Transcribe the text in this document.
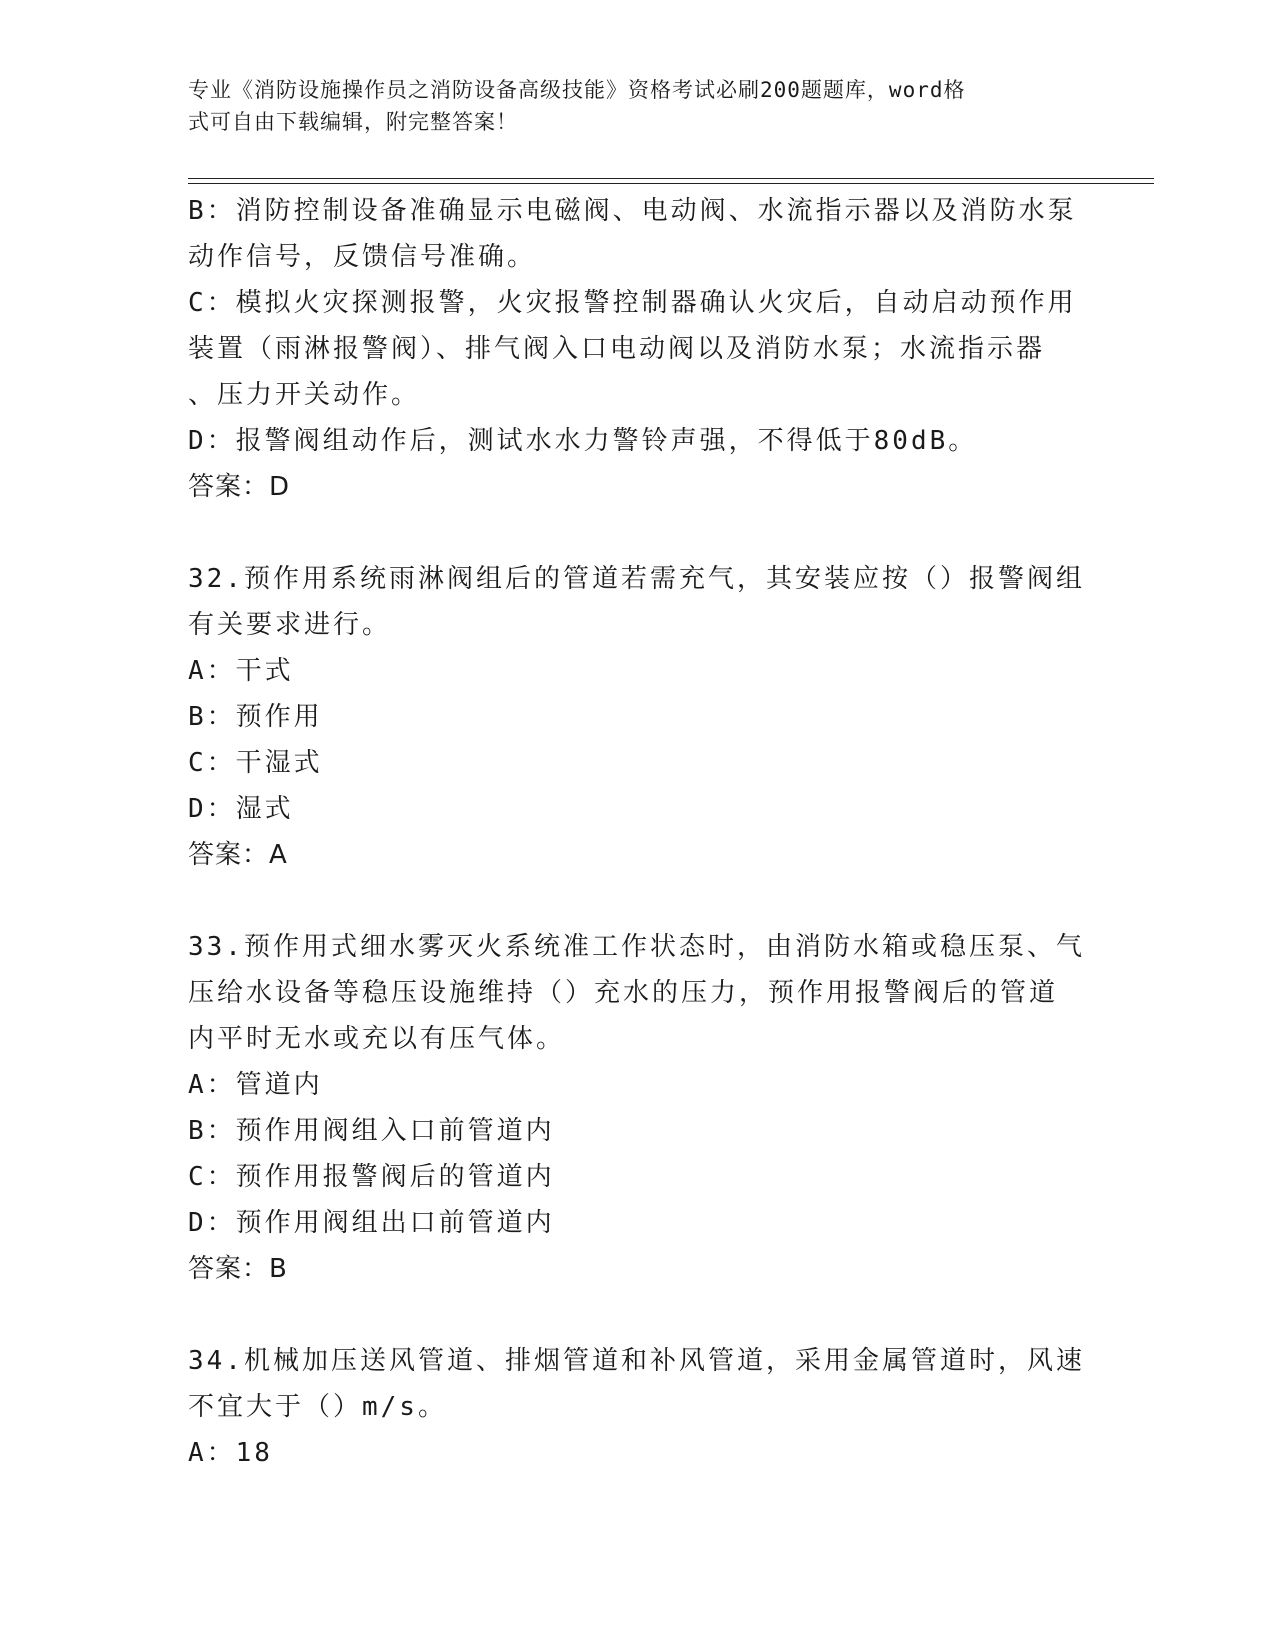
专业《消防设施操作员之消防设备高级技能》资格考试必刷200题题库，word格
式可自由下载编辑，附完整答案！

B：消防控制设备准确显示电磁阀、电动阀、水流指示器以及消防水泵

动作信号，反馈信号准确。

C：模拟火灾探测报警，火灾报警控制器确认火灾后，自动启动预作用

装置（雨淋报警阀）、排气阀入口电动阀以及消防水泵；水流指示器

、压力开关动作。

D：报警阀组动作后，测试水水力警铃声强，不得低于80dB。

答案：D

32.预作用系统雨淋阀组后的管道若需充气，其安装应按（）报警阀组

有关要求进行。

A：干式

B：预作用

C：干湿式

D：湿式

答案：A

33.预作用式细水雾灭火系统准工作状态时，由消防水箱或稳压泵、气

压给水设备等稳压设施维持（）充水的压力，预作用报警阀后的管道

内平时无水或充以有压气体。

A：管道内

B：预作用阀组入口前管道内

C：预作用报警阀后的管道内

D：预作用阀组出口前管道内

答案：B

34.机械加压送风管道、排烟管道和补风管道，采用金属管道时，风速

不宜大于（）m/s。

A：18
